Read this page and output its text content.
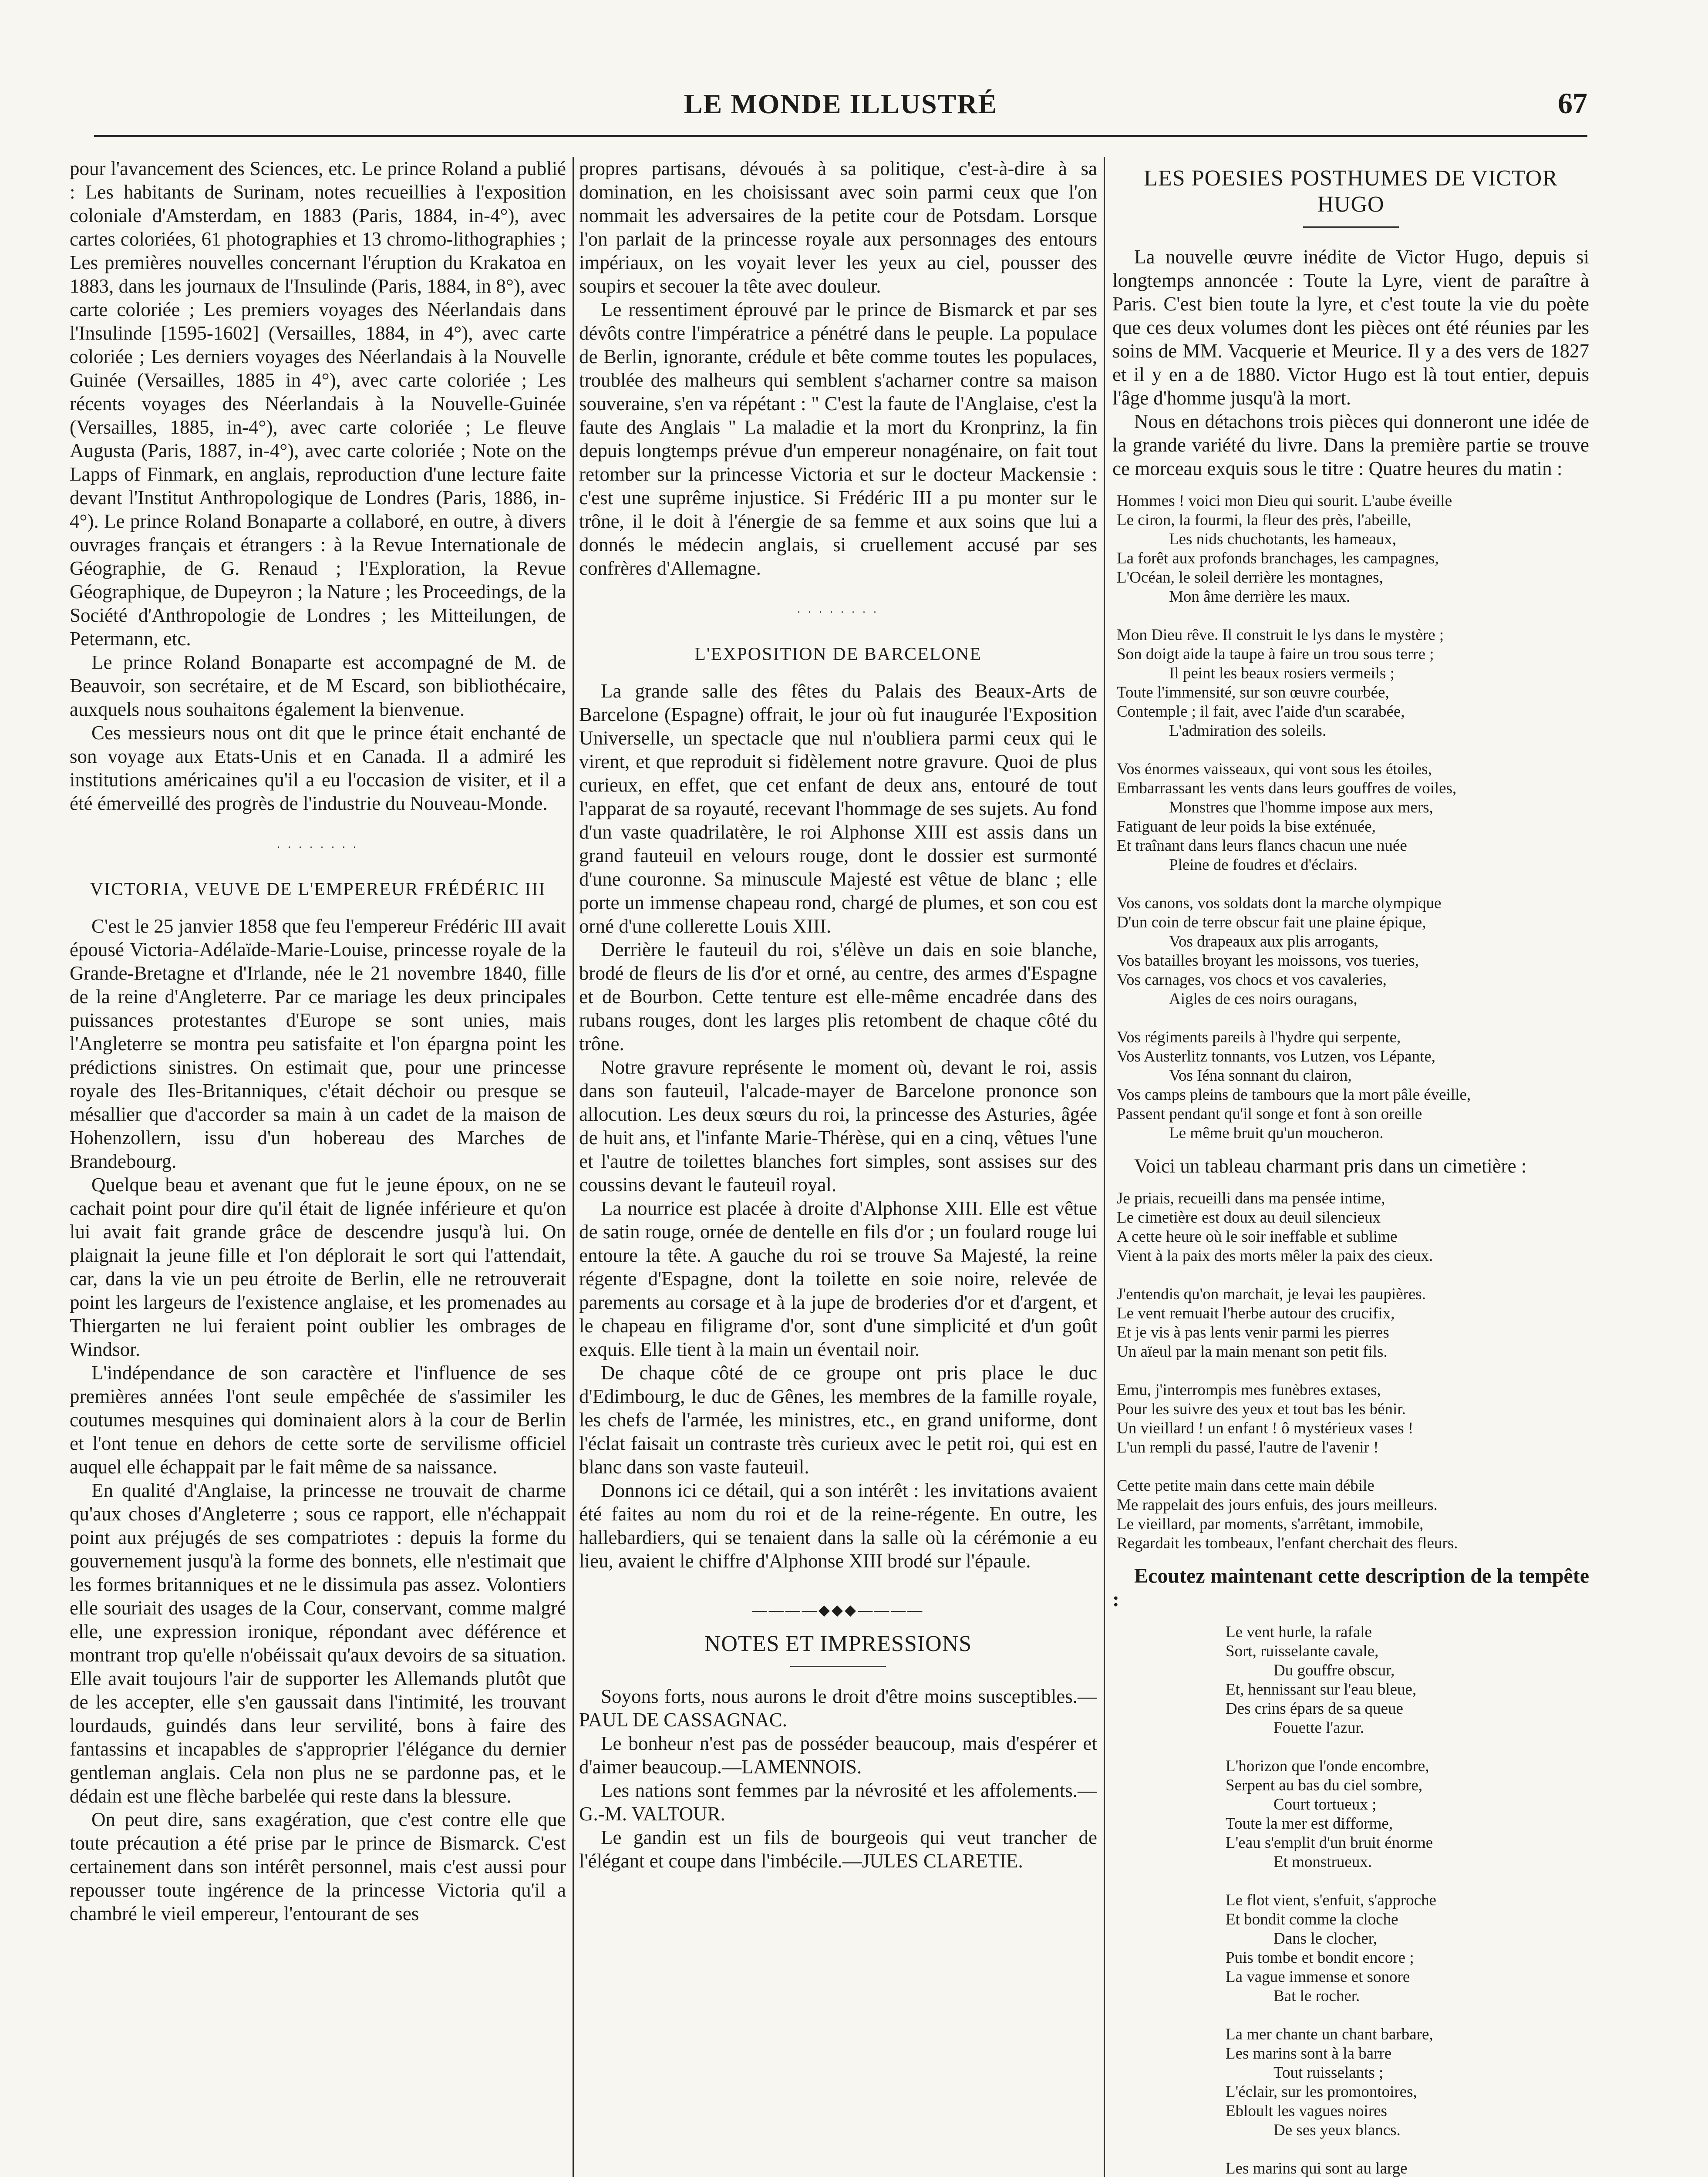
LE MONDE ILLUSTRÉ	67

pour l'avancement des Sciences, etc. Le prince Roland a publié : Les habitants de Surinam, notes recueillies à l'exposition coloniale d'Amsterdam, en 1883 (Paris, 1884, in-4°), avec cartes coloriées, 61 photographies et 13 chromo-lithographies ; Les premières nouvelles concernant l'éruption du Krakatoa en 1883, dans les journaux de l'Insulinde (Paris, 1884, in 8°), avec carte coloriée ; Les premiers voyages des Néerlandais dans l'Insulinde [1595-1602] (Versailles, 1884, in 4°), avec carte coloriée ; Les derniers voyages des Néerlandais à la Nouvelle Guinée (Versailles, 1885 in 4°), avec carte coloriée ; Les récents voyages des Néerlandais à la Nouvelle-Guinée (Versailles, 1885, in-4°), avec carte coloriée ; Le fleuve Augusta (Paris, 1887, in-4°), avec carte coloriée ; Note on the Lapps of Finmark, en anglais, reproduction d'une lecture faite devant l'Institut Anthropologique de Londres (Paris, 1886, in-4°). Le prince Roland Bonaparte a collaboré, en outre, à divers ouvrages français et étrangers : à la Revue Internationale de Géographie, de G. Renaud ; l'Exploration, la Revue Géographique, de Dupeyron ; la Nature ; les Proceedings, de la Société d'Anthropologie de Londres ; les Mitteilungen, de Petermann, etc.

Le prince Roland Bonaparte est accompagné de M. de Beauvoir, son secrétaire, et de M Escard, son bibliothécaire, auxquels nous souhaitons également la bienvenue.

Ces messieurs nous ont dit que le prince était enchanté de son voyage aux Etats-Unis et en Canada. Il a admiré les institutions américaines qu'il a eu l'occasion de visiter, et il a été émerveillé des progrès de l'industrie du Nouveau-Monde.

. . . . . . . .
VICTORIA, VEUVE DE L'EMPEREUR FRÉDÉRIC III

C'est le 25 janvier 1858 que feu l'empereur Frédéric III avait épousé Victoria-Adélaïde-Marie-Louise, princesse royale de la Grande-Bretagne et d'Irlande, née le 21 novembre 1840, fille de la reine d'Angleterre. Par ce mariage les deux principales puissances protestantes d'Europe se sont unies, mais l'Angleterre se montra peu satisfaite et l'on épargna point les prédictions sinistres. On estimait que, pour une princesse royale des Iles-Britanniques, c'était déchoir ou presque se mésallier que d'accorder sa main à un cadet de la maison de Hohenzollern, issu d'un hobereau des Marches de Brandebourg.

Quelque beau et avenant que fut le jeune époux, on ne se cachait point pour dire qu'il était de lignée inférieure et qu'on lui avait fait grande grâce de descendre jusqu'à lui. On plaignait la jeune fille et l'on déplorait le sort qui l'attendait, car, dans la vie un peu étroite de Berlin, elle ne retrouverait point les largeurs de l'existence anglaise, et les promenades au Thiergarten ne lui feraient point oublier les ombrages de Windsor.

L'indépendance de son caractère et l'influence de ses premières années l'ont seule empêchée de s'assimiler les coutumes mesquines qui dominaient alors à la cour de Berlin et l'ont tenue en dehors de cette sorte de servilisme officiel auquel elle échappait par le fait même de sa naissance.

En qualité d'Anglaise, la princesse ne trouvait de charme qu'aux choses d'Angleterre ; sous ce rapport, elle n'échappait point aux préjugés de ses compatriotes : depuis la forme du gouvernement jusqu'à la forme des bonnets, elle n'estimait que les formes britanniques et ne le dissimula pas assez. Volontiers elle souriait des usages de la Cour, conservant, comme malgré elle, une expression ironique, répondant avec déférence et montrant trop qu'elle n'obéissait qu'aux devoirs de sa situation. Elle avait toujours l'air de supporter les Allemands plutôt que de les accepter, elle s'en gaussait dans l'intimité, les trouvant lourdauds, guindés dans leur servilité, bons à faire des fantassins et incapables de s'approprier l'élégance du dernier gentleman anglais. Cela non plus ne se pardonne pas, et le dédain est une flèche barbelée qui reste dans la blessure.

On peut dire, sans exagération, que c'est contre elle que toute précaution a été prise par le prince de Bismarck. C'est certainement dans son intérêt personnel, mais c'est aussi pour repousser toute ingérence de la princesse Victoria qu'il a chambré le vieil empereur, l'entourant de ses

propres partisans, dévoués à sa politique, c'est-à-dire à sa domination, en les choisissant avec soin parmi ceux que l'on nommait les adversaires de la petite cour de Potsdam. Lorsque l'on parlait de la princesse royale aux personnages des entours impériaux, on les voyait lever les yeux au ciel, pousser des soupirs et secouer la tête avec douleur.

Le ressentiment éprouvé par le prince de Bismarck et par ses dévôts contre l'impératrice a pénétré dans le peuple. La populace de Berlin, ignorante, crédule et bête comme toutes les populaces, troublée des malheurs qui semblent s'acharner contre sa maison souveraine, s'en va répétant : " C'est la faute de l'Anglaise, c'est la faute des Anglais " La maladie et la mort du Kronprinz, la fin depuis longtemps prévue d'un empereur nonagénaire, on fait tout retomber sur la princesse Victoria et sur le docteur Mackensie : c'est une suprême injustice. Si Frédéric III a pu monter sur le trône, il le doit à l'énergie de sa femme et aux soins que lui a donnés le médecin anglais, si cruellement accusé par ses confrères d'Allemagne.

. . . . . . . .
L'EXPOSITION DE BARCELONE

La grande salle des fêtes du Palais des Beaux-Arts de Barcelone (Espagne) offrait, le jour où fut inaugurée l'Exposition Universelle, un spectacle que nul n'oubliera parmi ceux qui le virent, et que reproduit si fidèlement notre gravure. Quoi de plus curieux, en effet, que cet enfant de deux ans, entouré de tout l'apparat de sa royauté, recevant l'hommage de ses sujets. Au fond d'un vaste quadrilatère, le roi Alphonse XIII est assis dans un grand fauteuil en velours rouge, dont le dossier est surmonté d'une couronne. Sa minuscule Majesté est vêtue de blanc ; elle porte un immense chapeau rond, chargé de plumes, et son cou est orné d'une collerette Louis XIII.

Derrière le fauteuil du roi, s'élève un dais en soie blanche, brodé de fleurs de lis d'or et orné, au centre, des armes d'Espagne et de Bourbon. Cette tenture est elle-même encadrée dans des rubans rouges, dont les larges plis retombent de chaque côté du trône.

Notre gravure représente le moment où, devant le roi, assis dans son fauteuil, l'alcade-mayer de Barcelone prononce son allocution. Les deux sœurs du roi, la princesse des Asturies, âgée de huit ans, et l'infante Marie-Thérèse, qui en a cinq, vêtues l'une et l'autre de toilettes blanches fort simples, sont assises sur des coussins devant le fauteuil royal.

La nourrice est placée à droite d'Alphonse XIII. Elle est vêtue de satin rouge, ornée de dentelle en fils d'or ; un foulard rouge lui entoure la tête. A gauche du roi se trouve Sa Majesté, la reine régente d'Espagne, dont la toilette en soie noire, relevée de parements au corsage et à la jupe de broderies d'or et d'argent, et le chapeau en filigrame d'or, sont d'une simplicité et d'un goût exquis. Elle tient à la main un éventail noir.

De chaque côté de ce groupe ont pris place le duc d'Edimbourg, le duc de Gênes, les membres de la famille royale, les chefs de l'armée, les ministres, etc., en grand uniforme, dont l'éclat faisait un contraste très curieux avec le petit roi, qui est en blanc dans son vaste fauteuil.

Donnons ici ce détail, qui a son intérêt : les invitations avaient été faites au nom du roi et de la reine-régente. En outre, les hallebardiers, qui se tenaient dans la salle où la cérémonie a eu lieu, avaient le chiffre d'Alphonse XIII brodé sur l'épaule.

————◆◆◆————
NOTES ET IMPRESSIONS

Soyons forts, nous aurons le droit d'être moins susceptibles.—PAUL DE CASSAGNAC.

Le bonheur n'est pas de posséder beaucoup, mais d'espérer et d'aimer beaucoup.—LAMENNOIS.

Les nations sont femmes par la névrosité et les affolements.—G.-M. VALTOUR.

Le gandin est un fils de bourgeois qui veut trancher de l'élégant et coupe dans l'imbécile.—JULES CLARETIE.

LES POESIES POSTHUMES DE VICTOR HUGO

La nouvelle œuvre inédite de Victor Hugo, depuis si longtemps annoncée : Toute la Lyre, vient de paraître à Paris. C'est bien toute la lyre, et c'est toute la vie du poète que ces deux volumes dont les pièces ont été réunies par les soins de MM. Vacquerie et Meurice. Il y a des vers de 1827 et il y en a de 1880. Victor Hugo est là tout entier, depuis l'âge d'homme jusqu'à la mort.

Nous en détachons trois pièces qui donneront une idée de la grande variété du livre. Dans la première partie se trouve ce morceau exquis sous le titre : Quatre heures du matin :

Hommes ! voici mon Dieu qui sourit. L'aube éveille
Le ciron, la fourmi, la fleur des près, l'abeille,
Les nids chuchotants, les hameaux,
La forêt aux profonds branchages, les campagnes,
L'Océan, le soleil derrière les montagnes,
Mon âme derrière les maux.

Mon Dieu rêve. Il construit le lys dans le mystère ;
Son doigt aide la taupe à faire un trou sous terre ;
Il peint les beaux rosiers vermeils ;
Toute l'immensité, sur son œuvre courbée,
Contemple ; il fait, avec l'aide d'un scarabée,
L'admiration des soleils.

Vos énormes vaisseaux, qui vont sous les étoiles,
Embarrassant les vents dans leurs gouffres de voiles,
Monstres que l'homme impose aux mers,
Fatiguant de leur poids la bise exténuée,
Et traînant dans leurs flancs chacun une nuée
Pleine de foudres et d'éclairs.

Vos canons, vos soldats dont la marche olympique
D'un coin de terre obscur fait une plaine épique,
Vos drapeaux aux plis arrogants,
Vos batailles broyant les moissons, vos tueries,
Vos carnages, vos chocs et vos cavaleries,
Aigles de ces noirs ouragans,

Vos régiments pareils à l'hydre qui serpente,
Vos Austerlitz tonnants, vos Lutzen, vos Lépante,
Vos Iéna sonnant du clairon,
Vos camps pleins de tambours que la mort pâle éveille,
Passent pendant qu'il songe et font à son oreille
Le même bruit qu'un moucheron.

Voici un tableau charmant pris dans un cimetière :

Je priais, recueilli dans ma pensée intime,
Le cimetière est doux au deuil silencieux
A cette heure où le soir ineffable et sublime
Vient à la paix des morts mêler la paix des cieux.

J'entendis qu'on marchait, je levai les paupières.
Le vent remuait l'herbe autour des crucifix,
Et je vis à pas lents venir parmi les pierres
Un aïeul par la main menant son petit fils.

Emu, j'interrompis mes funèbres extases,
Pour les suivre des yeux et tout bas les bénir.
Un vieillard ! un enfant ! ô mystérieux vases !
L'un rempli du passé, l'autre de l'avenir !

Cette petite main dans cette main débile
Me rappelait des jours enfuis, des jours meilleurs.
Le vieillard, par moments, s'arrêtant, immobile,
Regardait les tombeaux, l'enfant cherchait des fleurs.

Ecoutez maintenant cette description de la tempête :

Le vent hurle, la rafale
Sort, ruisselante cavale,
Du gouffre obscur,
Et, hennissant sur l'eau bleue,
Des crins épars de sa queue
Fouette l'azur.

L'horizon que l'onde encombre,
Serpent au bas du ciel sombre,
Court tortueux ;
Toute la mer est difforme,
L'eau s'emplit d'un bruit énorme
Et monstrueux.

Le flot vient, s'enfuit, s'approche
Et bondit comme la cloche
Dans le clocher,
Puis tombe et bondit encore ;
La vague immense et sonore
Bat le rocher.

La mer chante un chant barbare,
Les marins sont à la barre
Tout ruisselants ;
L'éclair, sur les promontoires,
Ebloult les vagues noires
De ses yeux blancs.

Les marins qui sont au large
